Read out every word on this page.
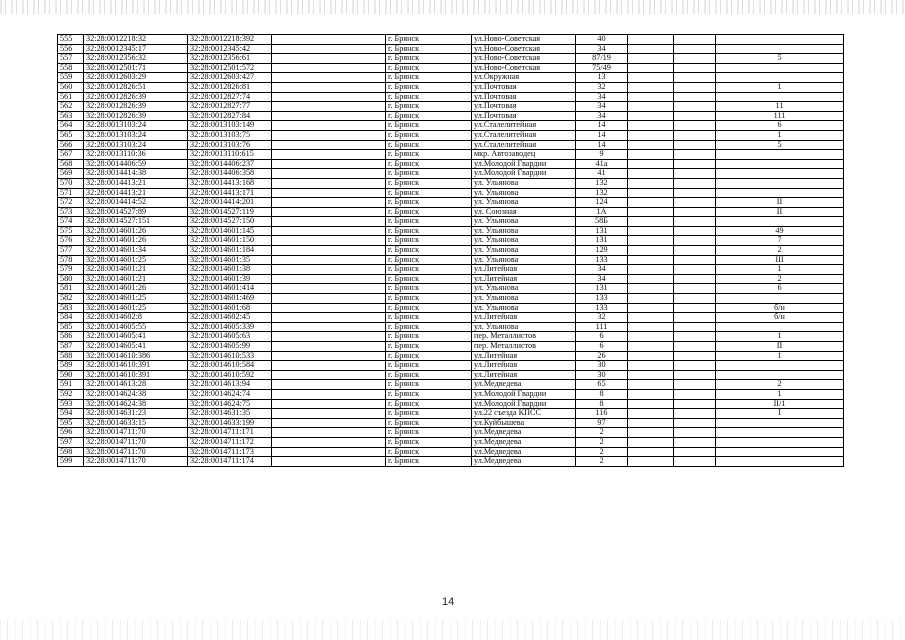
555	32:28:0012218:32	32:28:0012218:392		г. Брянск	ул.Ново-Советская	40			
556	32:28:0012345:17	32:28:0012345:42		г. Брянск	ул.Ново-Советская	34			
557	32:28:0012356:32	32:28:0012356:61		г. Брянск	ул.Ново-Советская	87/19			5
558	32:28:0012501:71	32:28:0012501:572		г. Брянск	ул.Ново-Советская	75/49			
559	32:28:0012603:29	32:28:0012603:427		г. Брянск	ул.Окружная	13			
560	32:28:0012826:51	32:28:0012826:81		г. Брянск	ул.Почтовая	32			1
561	32:28:0012826:39	32:28:0012827:74		г. Брянск	ул.Почтовая	34			
562	32:28:0012826:39	32:28:0012827:77		г. Брянск	ул.Почтовая	34			11
563	32:28:0012826:39	32:28:0012827:84		г. Брянск	ул.Почтовая	34			111
564	32:28:0013103:24	32:28:0013103:149		г. Брянск	ул.Сталелитейная	14			6
565	32:28:0013103:24	32:28:0013103:75		г. Брянск	ул.Сталелитейная	14			1
566	32:28:0013103:24	32:28:0013103:76		г. Брянск	ул.Сталелитейная	14			5
567	32:28:0013110:36	32:28:0013110:615		г. Брянск	мкр. Автозаводец	9			
568	32:28:0014406:59	32:28:0014406:237		г. Брянск	ул.Молодой Гвардии	41а			
569	32:28:0014414:38	32:28:0014406:358		г. Брянск	ул.Молодой Гвардии	41			
570	32:28:0014413:21	32:28:0014413:168		г. Брянск	ул. Ульянова	132			
571	32:28:0014413:21	32:28:0014413:171		г. Брянск	ул. Ульянова	132			
572	32:28:0014414:52	32:28:0014414:201		г. Брянск	ул. Ульянова	124			II
573	32:28:0014527:89	32:28:0014527:119		г. Брянск	ул. Союзная	1А			II
574	32:28:0014527:151	32:28:0014527:150		г. Брянск	ул. Ульянова	58Б			
575	32:28:0014601:26	32:28:0014601:145		г. Брянск	ул. Ульянова	131			49
576	32:28:0014601:26	32:28:0014601:150		г. Брянск	ул. Ульянова	131			7
577	32:28:0014601:34	32:28:0014601:184		г. Брянск	ул. Ульянова	129			2
578	32:28:0014601:25	32:28:0014601:35		г. Брянск	ул. Ульянова	133			III
579	32:28:0014601:21	32:28:0014601:38		г. Брянск	ул.Литейная	34			1
580	32:28:0014601:21	32:28:0014601:39		г. Брянск	ул.Литейная	34			2
581	32:28:0014601:26	32:28:0014601:414		г. Брянск	ул. Ульянова	131			6
582	32:28:0014601:25	32:28:0014601:469		г. Брянск	ул. Ульянова	133			
583	32:28:0014601:25	32:28:0014601:68		г. Брянск	ул. Ульянова	133			б/н
584	32:28:0014602:8	32:28:0014602:45		г. Брянск	ул.Литейная	32			б/н
585	32:28:0014605:55	32:28:0014605:339		г. Брянск	ул. Ульянова	111			
586	32:28:0014605:41	32:28:0014605:63		г. Брянск	пер. Металлистов	6			1
587	32:28:0014605:41	32:28:0014605:99		г. Брянск	пер. Металлистов	6			II
588	32:28:0014610:386	32:28:0014610:533		г. Брянск	ул.Литейная	26			1
589	32:28:0014610:391	32:28:0014610:584		г. Брянск	ул.Литейная	30			
590	32:28:0014610:391	32:28:0014610:592		г. Брянск	ул.Литейная	30			
591	32:28:0014613:28	32:28:0014613:94		г. Брянск	ул.Медведева	65			2
592	32:28:0014624:38	32:28:0014624:74		г. Брянск	ул.Молодой Гвардии	8			1
593	32:28:0014624:38	32:28:0014624:75		г. Брянск	ул.Молодой Гвардии	8			II/1
594	32:28:0014631:23	32:28:0014631:35		г. Брянск	ул.22 съезда КПСС	116			I
595	32:28:0014633:15	32:28:0014633:199		г. Брянск	ул.Куйбышева	97			
596	32:28:0014711:70	32:28:0014711:171		г. Брянск	ул.Медведева	2			
597	32:28:0014711:70	32:28:0014711:172		г. Брянск	ул.Медведева	2			
598	32:28:0014711:70	32:28:0014711:173		г. Брянск	ул.Медведева	2			
599	32:28:0014711:70	32:28:0014711:174		г. Брянск	ул.Медведева	2			
14
